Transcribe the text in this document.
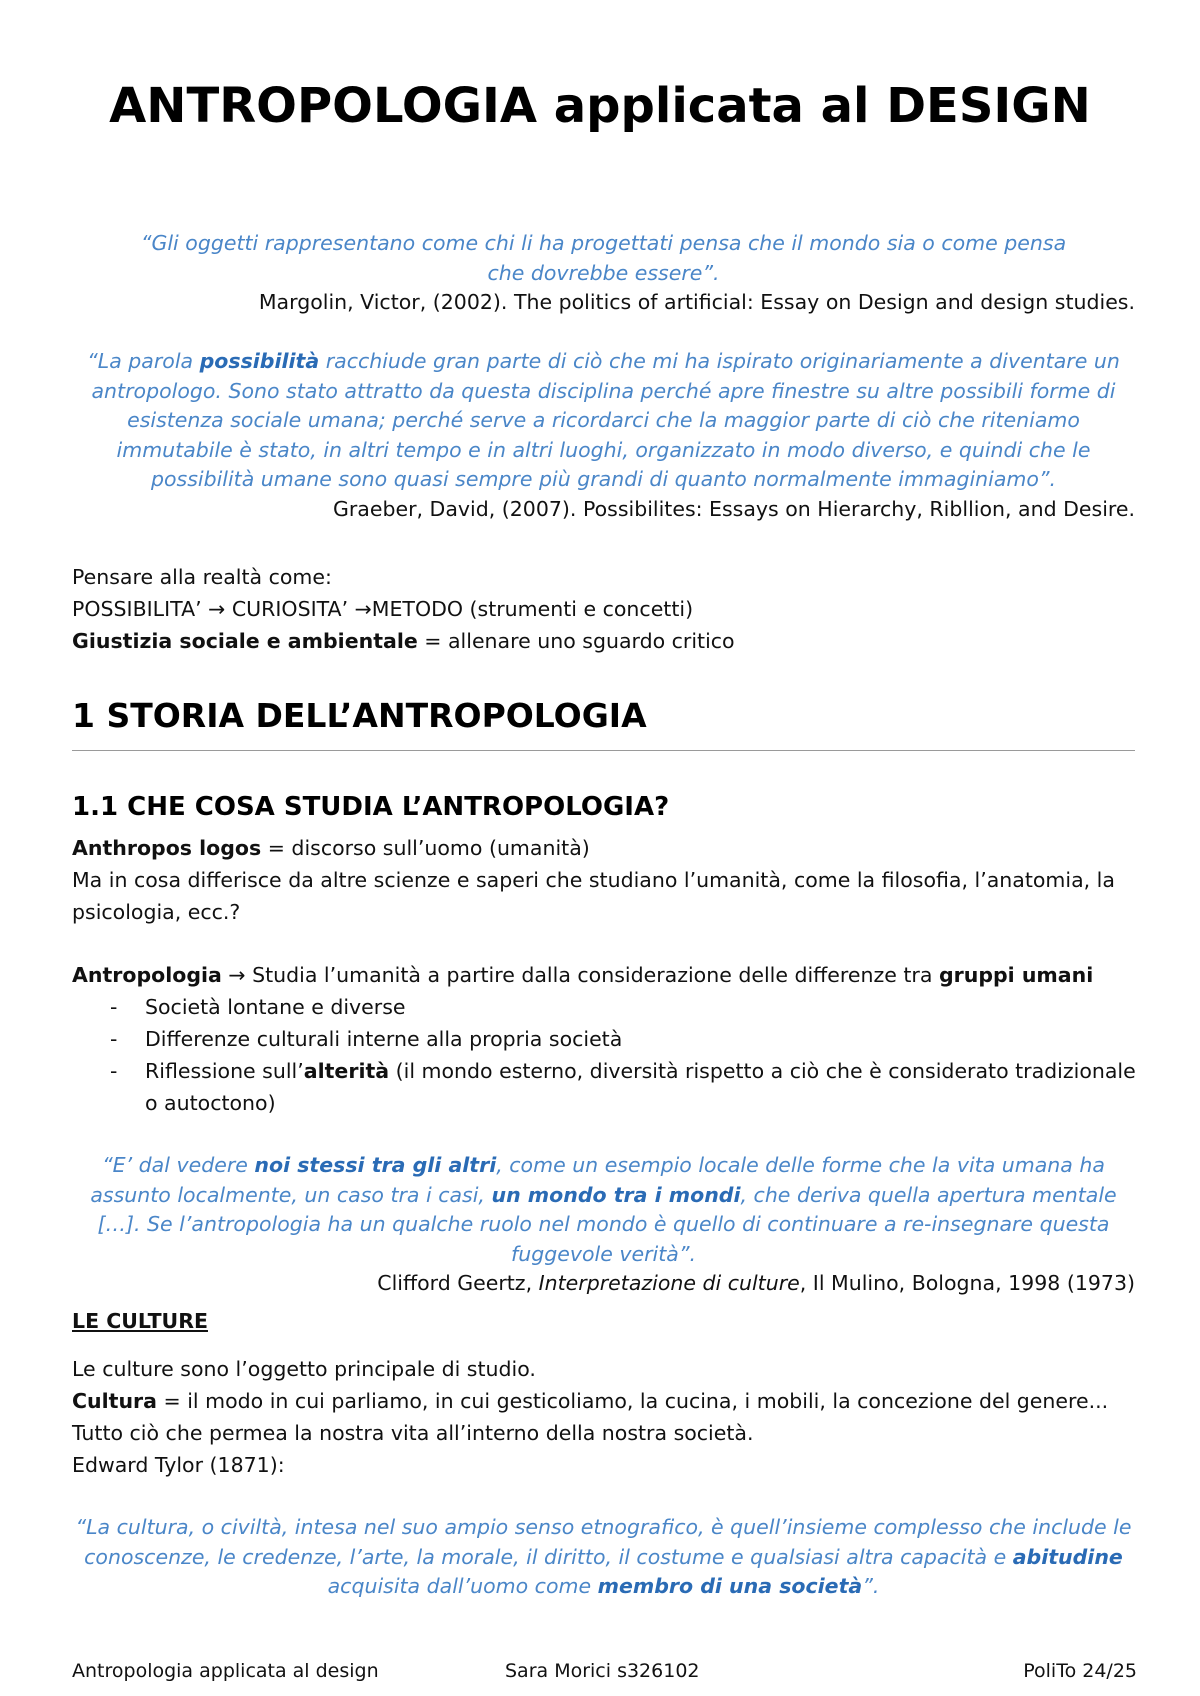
ANTROPOLOGIA applicata al DESIGN

“Gli oggetti rappresentano come chi li ha progettati pensa che il mondo sia o come pensa che dovrebbe essere”.

Margolin, Victor, (2002). The politics of artificial: Essay on Design and design studies.

“La parola possibilità racchiude gran parte di ciò che mi ha ispirato originariamente a diventare un antropologo. Sono stato attratto da questa disciplina perché apre finestre su altre possibili forme di esistenza sociale umana; perché serve a ricordarci che la maggior parte di ciò che riteniamo immutabile è stato, in altri tempo e in altri luoghi, organizzato in modo diverso, e quindi che le possibilità umane sono quasi sempre più grandi di quanto normalmente immaginiamo”.

Graeber, David, (2007). Possibilites: Essays on Hierarchy, Ribllion, and Desire.

Pensare alla realtà come:
POSSIBILITA’ → CURIOSITA’ →METODO (strumenti e concetti)
Giustizia sociale e ambientale = allenare uno sguardo critico
1 STORIA DELL’ANTROPOLOGIA
1.1 CHE COSA STUDIA L’ANTROPOLOGIA?
Anthropos logos = discorso sull’uomo (umanità)
Ma in cosa differisce da altre scienze e saperi che studiano l’umanità, come la filosofia, l’anatomia, la psicologia, ecc.?
Antropologia → Studia l’umanità a partire dalla considerazione delle differenze tra gruppi umani
- Società lontane e diverse
- Differenze culturali interne alla propria società
- Riflessione sull’alterità (il mondo esterno, diversità rispetto a ciò che è considerato tradizionale o autoctono)

“E’ dal vedere noi stessi tra gli altri, come un esempio locale delle forme che la vita umana ha assunto localmente, un caso tra i casi, un mondo tra i mondi, che deriva quella apertura mentale […]. Se l’antropologia ha un qualche ruolo nel mondo è quello di continuare a re-insegnare questa fuggevole verità”.

Clifford Geertz, Interpretazione di culture, Il Mulino, Bologna, 1998 (1973)

LE CULTURE
Le culture sono l’oggetto principale di studio.
Cultura = il modo in cui parliamo, in cui gesticoliamo, la cucina, i mobili, la concezione del genere...
Tutto ciò che permea la nostra vita all’interno della nostra società.
Edward Tylor (1871):

“La cultura, o civiltà, intesa nel suo ampio senso etnografico, è quell’insieme complesso che include le conoscenze, le credenze, l’arte, la morale, il diritto, il costume e qualsiasi altra capacità e abitudine acquisita dall’uomo come membro di una società”.

Antropologia applicata al design	Sara Morici s326102	PoliTo 24/25
